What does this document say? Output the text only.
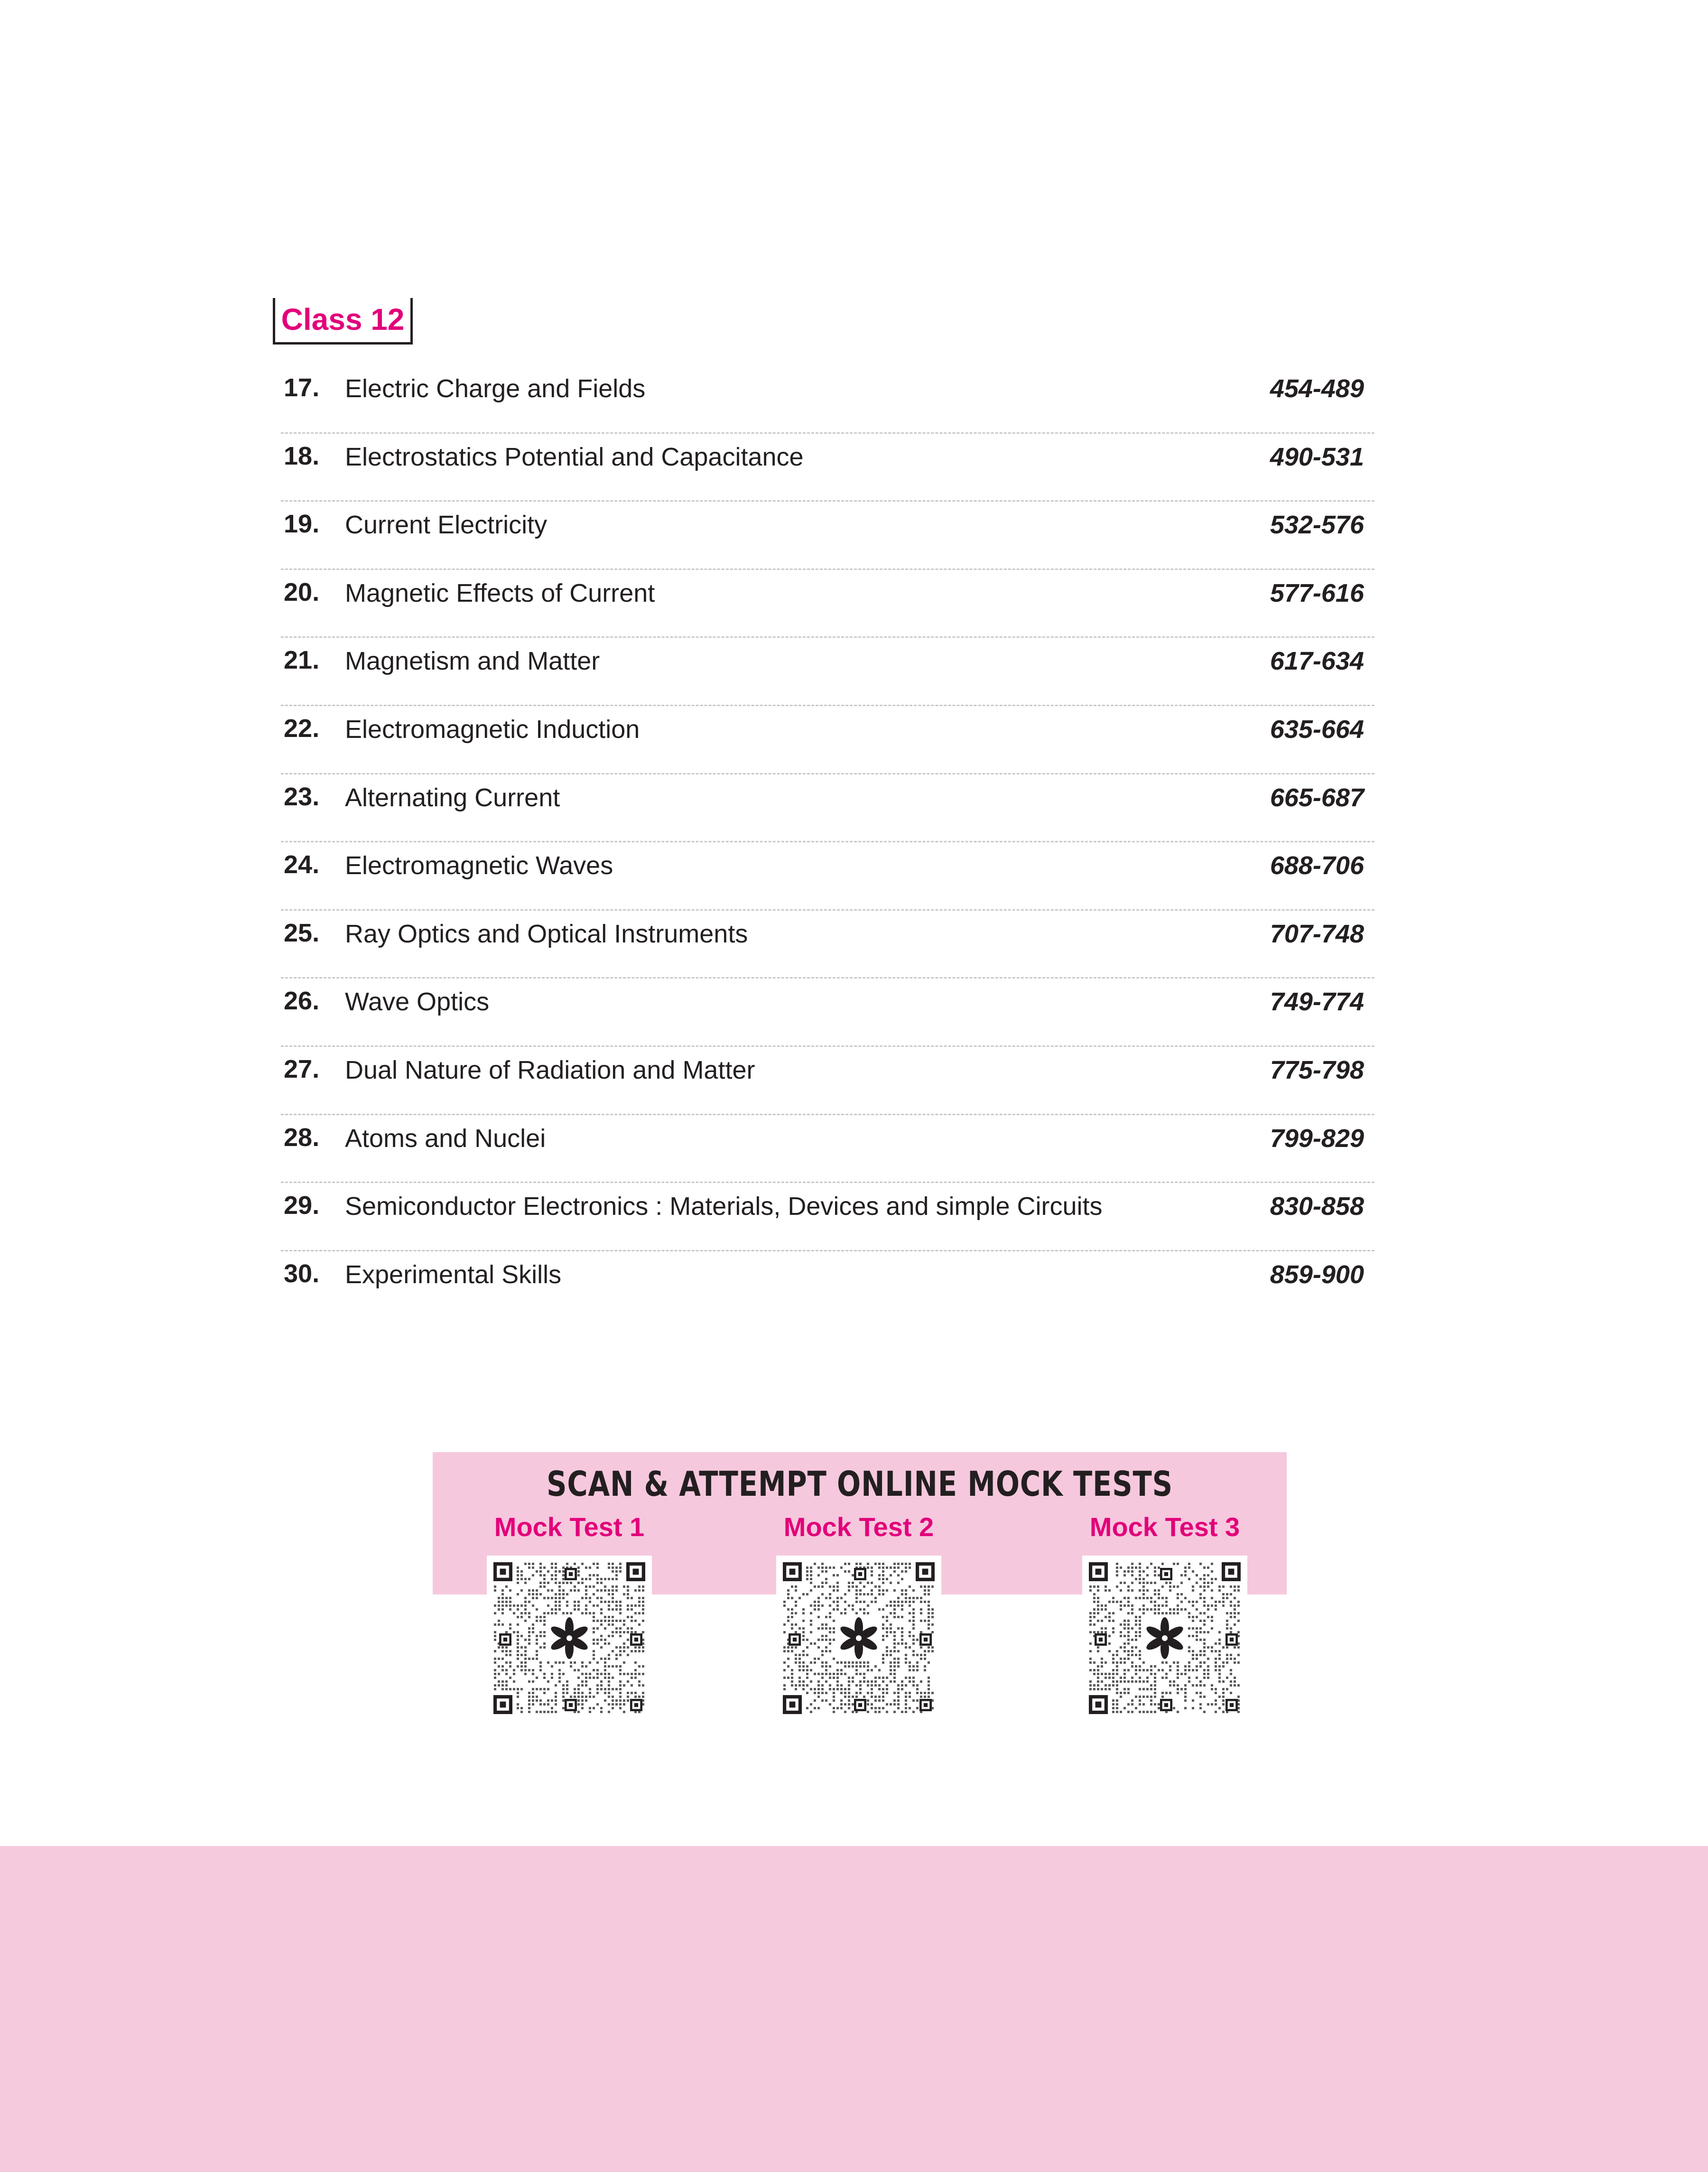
Class 12
17. Electric Charge and Fields	454-489
18. Electrostatics Potential and Capacitance	490-531
19. Current Electricity	532-576
20. Magnetic Effects of Current	577-616
21. Magnetism and Matter	617-634
22. Electromagnetic Induction	635-664
23. Alternating Current	665-687
24. Electromagnetic Waves	688-706
25. Ray Optics and Optical Instruments	707-748
26. Wave Optics	749-774
27. Dual Nature of Radiation and Matter	775-798
28. Atoms and Nuclei	799-829
29. Semiconductor Electronics : Materials, Devices and simple Circuits	830-858
30. Experimental Skills	859-900
SCAN & ATTEMPT ONLINE MOCK TESTS
Mock Test 1	Mock Test 2	Mock Test 3
